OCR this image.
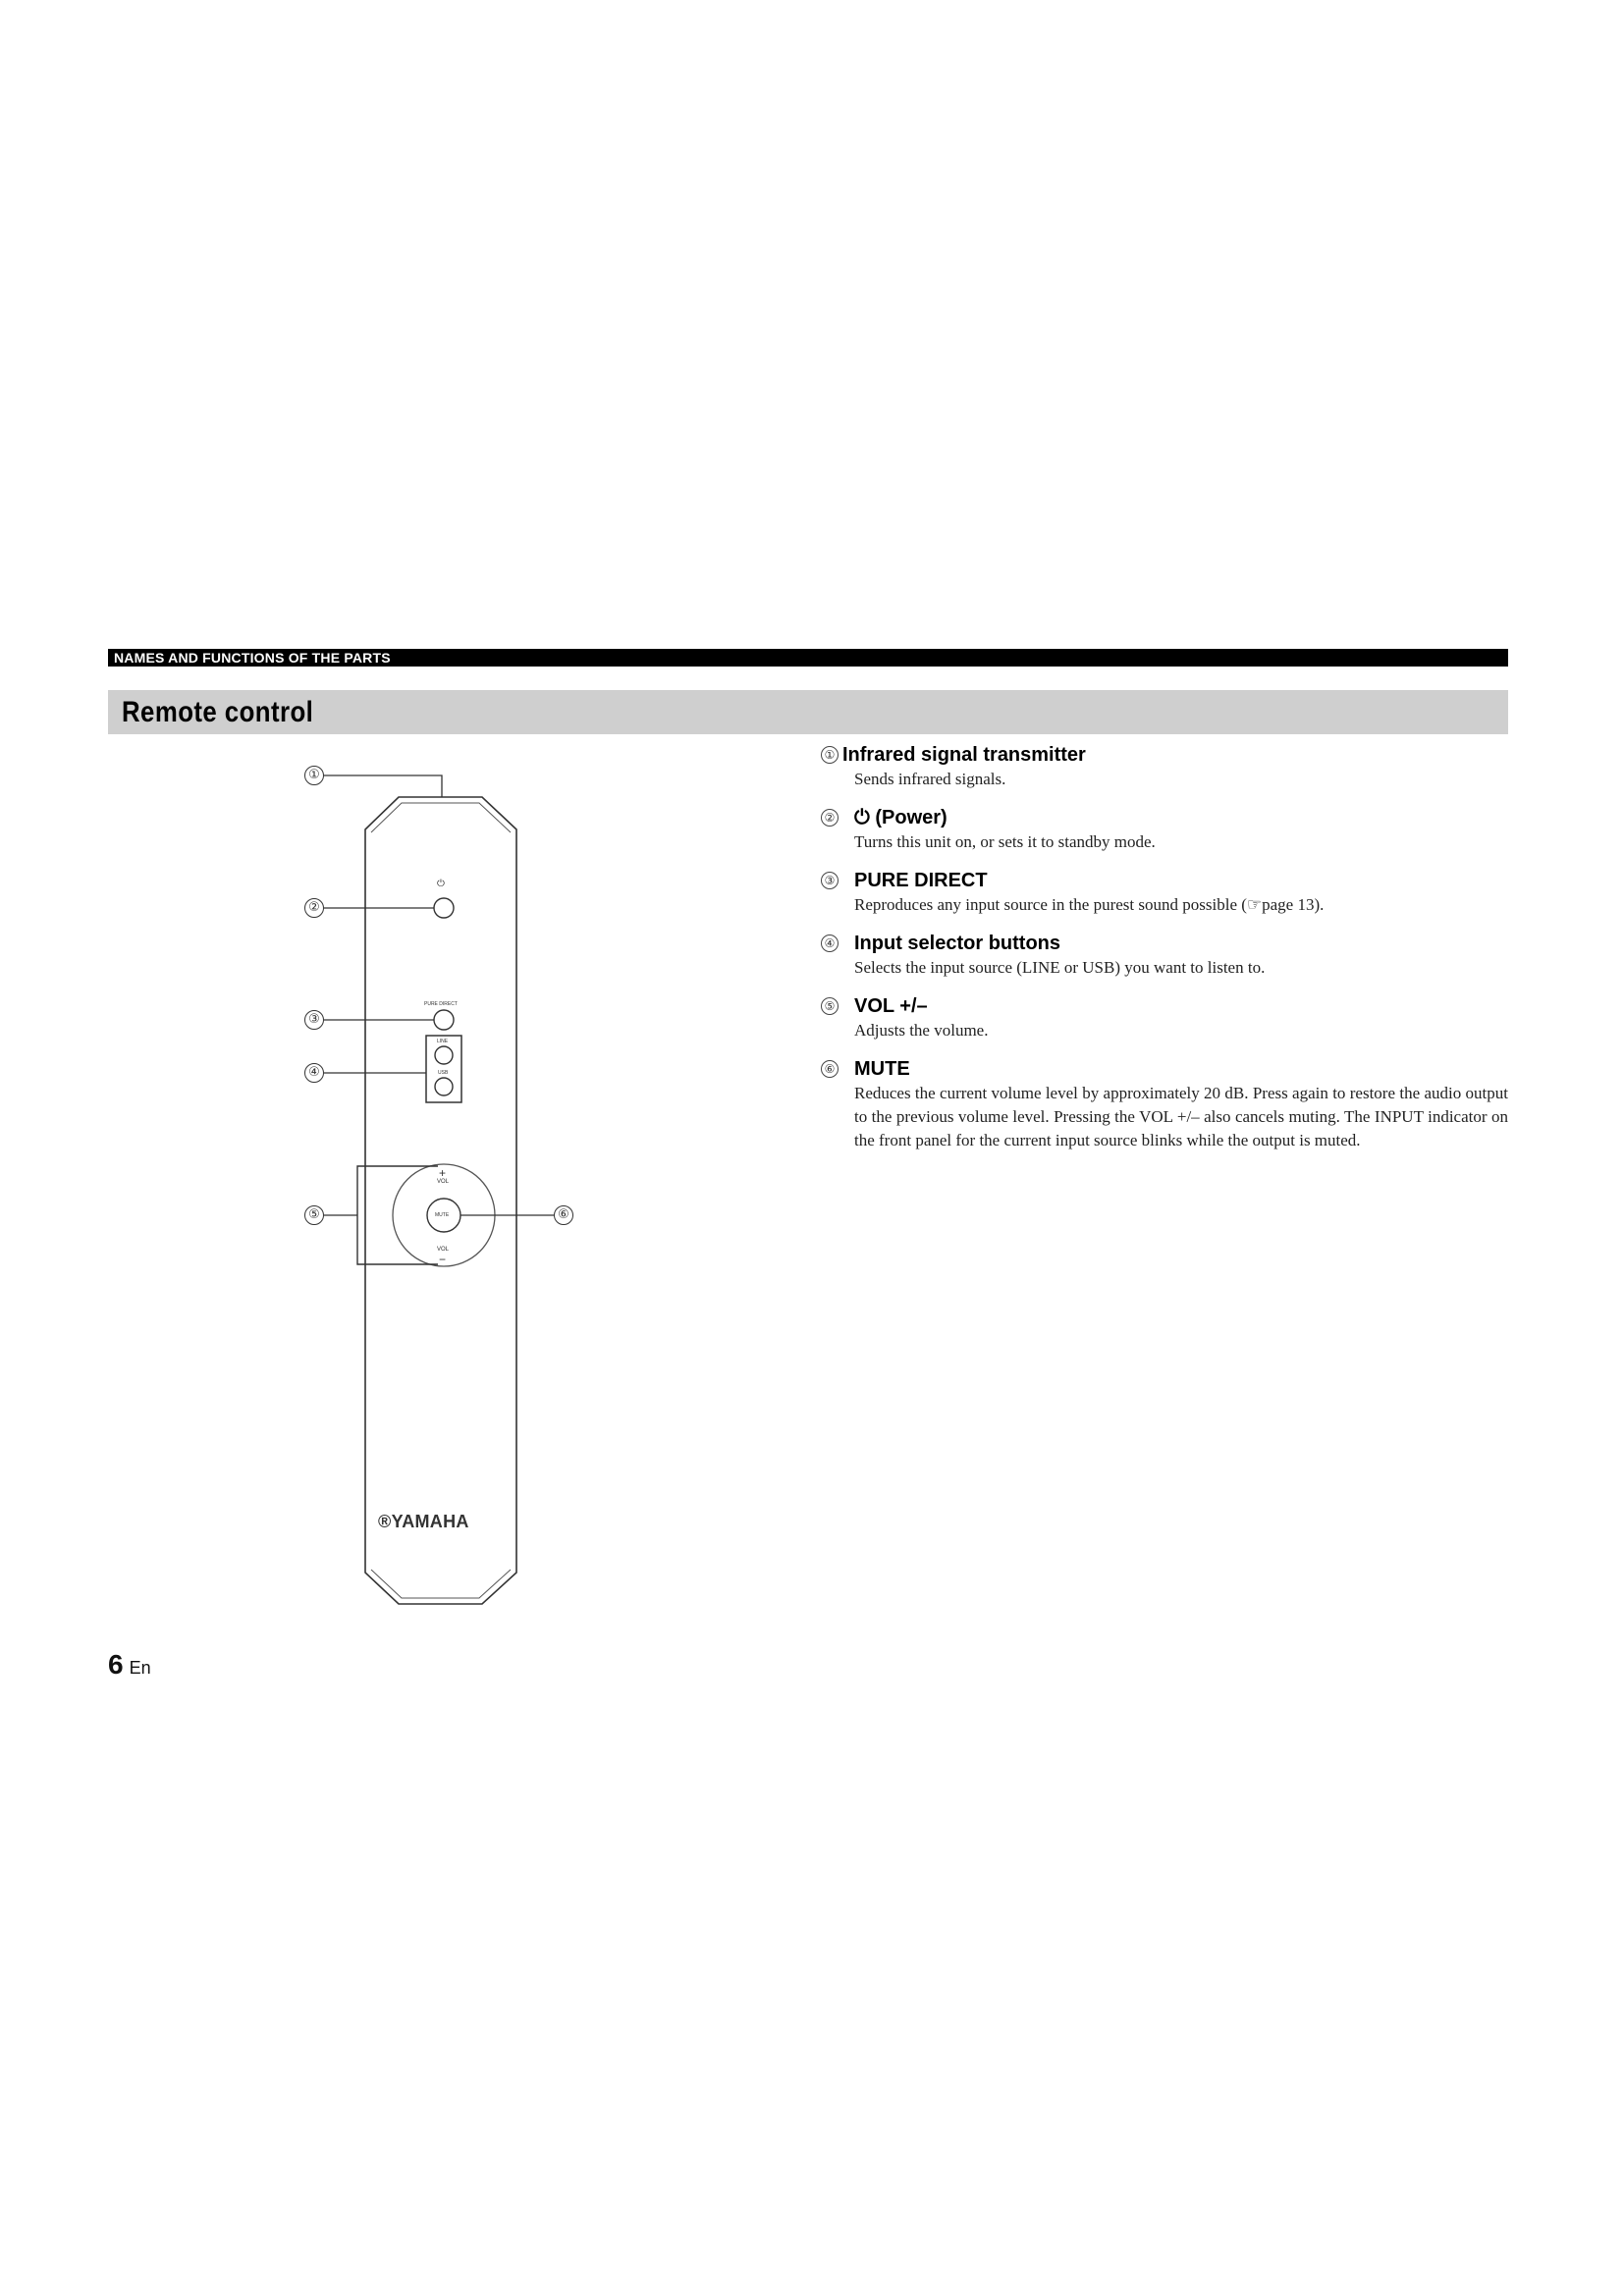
NAMES AND FUNCTIONS OF THE PARTS
Remote control
①
②
③
④
⑤	⑥
⏻
PURE DIRECT
LINE
USB
+
VOL
MUTE
VOL
−
®YAMAHA
① Infrared signal transmitter
Sends infrared signals.
② ⏻ (Power)
Turns this unit on, or sets it to standby mode.
③ PURE DIRECT
Reproduces any input source in the purest sound possible (☞page 13).
④ Input selector buttons
Selects the input source (LINE or USB) you want to listen to.
⑤ VOL +/–
Adjusts the volume.
⑥ MUTE
Reduces the current volume level by approximately 20 dB. Press again to restore the audio output to the previous volume level. Pressing the VOL +/– also cancels muting. The INPUT indicator on the front panel for the current input source blinks while the output is muted.
6 En
